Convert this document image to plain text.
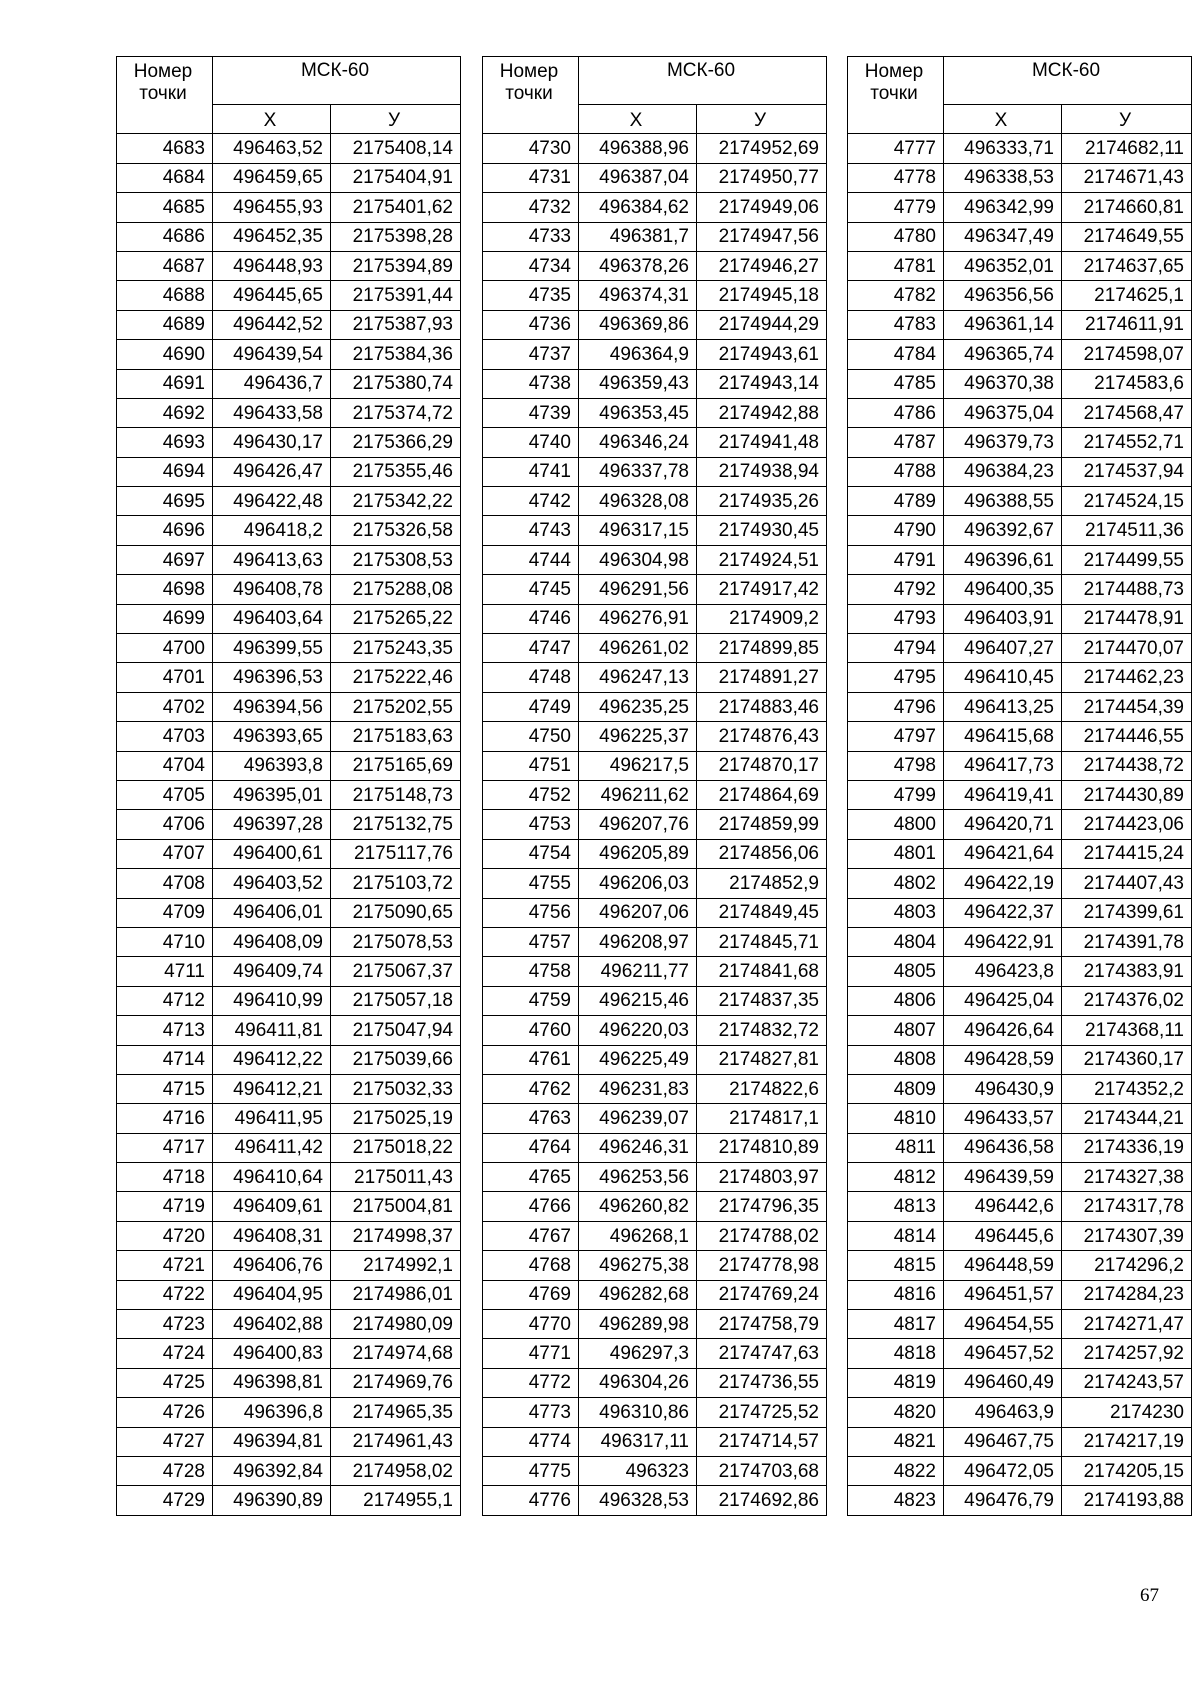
Номер точки	МСК-60	
	X	У
4683	496463,52	2175408,14
4684	496459,65	2175404,91
4685	496455,93	2175401,62
4686	496452,35	2175398,28
4687	496448,93	2175394,89
4688	496445,65	2175391,44
4689	496442,52	2175387,93
4690	496439,54	2175384,36
4691	496436,7	2175380,74
4692	496433,58	2175374,72
4693	496430,17	2175366,29
4694	496426,47	2175355,46
4695	496422,48	2175342,22
4696	496418,2	2175326,58
4697	496413,63	2175308,53
4698	496408,78	2175288,08
4699	496403,64	2175265,22
4700	496399,55	2175243,35
4701	496396,53	2175222,46
4702	496394,56	2175202,55
4703	496393,65	2175183,63
4704	496393,8	2175165,69
4705	496395,01	2175148,73
4706	496397,28	2175132,75
4707	496400,61	2175117,76
4708	496403,52	2175103,72
4709	496406,01	2175090,65
4710	496408,09	2175078,53
4711	496409,74	2175067,37
4712	496410,99	2175057,18
4713	496411,81	2175047,94
4714	496412,22	2175039,66
4715	496412,21	2175032,33
4716	496411,95	2175025,19
4717	496411,42	2175018,22
4718	496410,64	2175011,43
4719	496409,61	2175004,81
4720	496408,31	2174998,37
4721	496406,76	2174992,1
4722	496404,95	2174986,01
4723	496402,88	2174980,09
4724	496400,83	2174974,68
4725	496398,81	2174969,76
4726	496396,8	2174965,35
4727	496394,81	2174961,43
4728	496392,84	2174958,02
4729	496390,89	2174955,1
Номер точки	МСК-60	
	X	У
4730	496388,96	2174952,69
4731	496387,04	2174950,77
4732	496384,62	2174949,06
4733	496381,7	2174947,56
4734	496378,26	2174946,27
4735	496374,31	2174945,18
4736	496369,86	2174944,29
4737	496364,9	2174943,61
4738	496359,43	2174943,14
4739	496353,45	2174942,88
4740	496346,24	2174941,48
4741	496337,78	2174938,94
4742	496328,08	2174935,26
4743	496317,15	2174930,45
4744	496304,98	2174924,51
4745	496291,56	2174917,42
4746	496276,91	2174909,2
4747	496261,02	2174899,85
4748	496247,13	2174891,27
4749	496235,25	2174883,46
4750	496225,37	2174876,43
4751	496217,5	2174870,17
4752	496211,62	2174864,69
4753	496207,76	2174859,99
4754	496205,89	2174856,06
4755	496206,03	2174852,9
4756	496207,06	2174849,45
4757	496208,97	2174845,71
4758	496211,77	2174841,68
4759	496215,46	2174837,35
4760	496220,03	2174832,72
4761	496225,49	2174827,81
4762	496231,83	2174822,6
4763	496239,07	2174817,1
4764	496246,31	2174810,89
4765	496253,56	2174803,97
4766	496260,82	2174796,35
4767	496268,1	2174788,02
4768	496275,38	2174778,98
4769	496282,68	2174769,24
4770	496289,98	2174758,79
4771	496297,3	2174747,63
4772	496304,26	2174736,55
4773	496310,86	2174725,52
4774	496317,11	2174714,57
4775	496323	2174703,68
4776	496328,53	2174692,86
Номер точки	МСК-60	
	X	У
4777	496333,71	2174682,11
4778	496338,53	2174671,43
4779	496342,99	2174660,81
4780	496347,49	2174649,55
4781	496352,01	2174637,65
4782	496356,56	2174625,1
4783	496361,14	2174611,91
4784	496365,74	2174598,07
4785	496370,38	2174583,6
4786	496375,04	2174568,47
4787	496379,73	2174552,71
4788	496384,23	2174537,94
4789	496388,55	2174524,15
4790	496392,67	2174511,36
4791	496396,61	2174499,55
4792	496400,35	2174488,73
4793	496403,91	2174478,91
4794	496407,27	2174470,07
4795	496410,45	2174462,23
4796	496413,25	2174454,39
4797	496415,68	2174446,55
4798	496417,73	2174438,72
4799	496419,41	2174430,89
4800	496420,71	2174423,06
4801	496421,64	2174415,24
4802	496422,19	2174407,43
4803	496422,37	2174399,61
4804	496422,91	2174391,78
4805	496423,8	2174383,91
4806	496425,04	2174376,02
4807	496426,64	2174368,11
4808	496428,59	2174360,17
4809	496430,9	2174352,2
4810	496433,57	2174344,21
4811	496436,58	2174336,19
4812	496439,59	2174327,38
4813	496442,6	2174317,78
4814	496445,6	2174307,39
4815	496448,59	2174296,2
4816	496451,57	2174284,23
4817	496454,55	2174271,47
4818	496457,52	2174257,92
4819	496460,49	2174243,57
4820	496463,9	2174230
4821	496467,75	2174217,19
4822	496472,05	2174205,15
4823	496476,79	2174193,88
67
